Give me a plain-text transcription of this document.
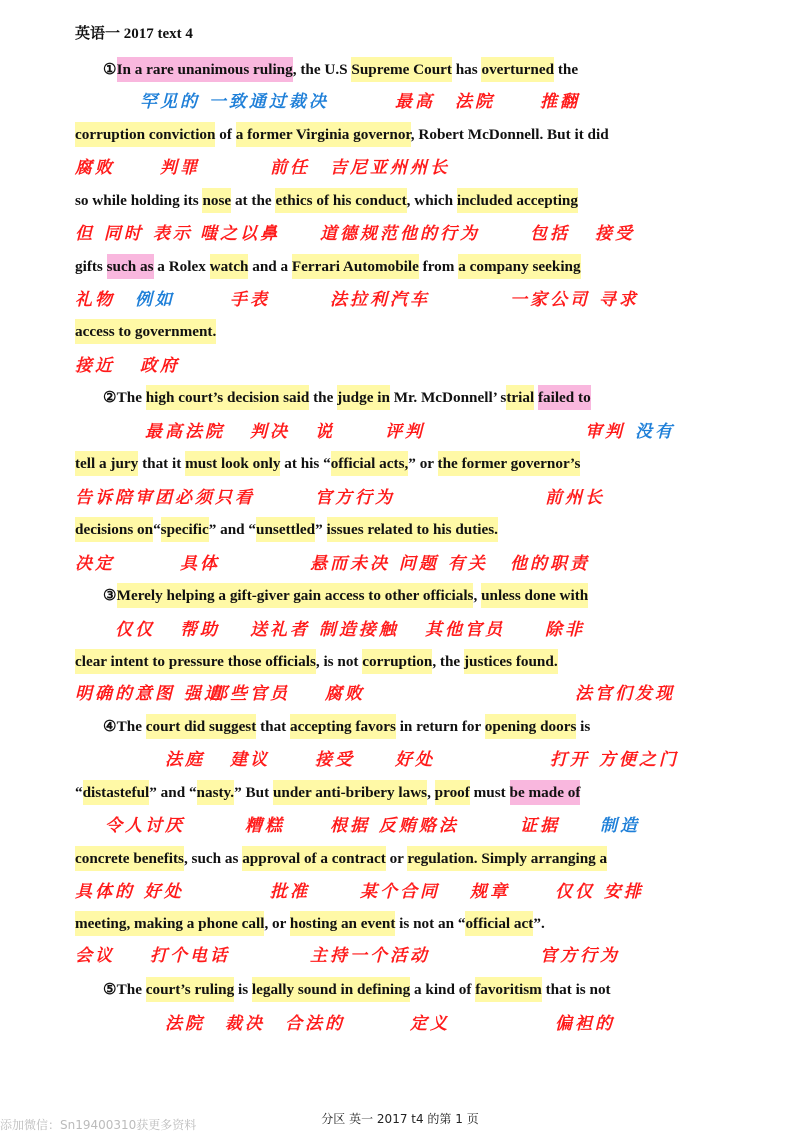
英语一 2017 text 4
①In a rare unanimous ruling, the U.S Supreme Court has overturned the
corruption conviction of a former Virginia governor, Robert McDonnell. But it did
so while holding its nose at the ethics of his conduct, which included accepting
gifts such as a Rolex watch and a Ferrari Automobile from a company seeking
access to government.
②The high court’s decision said the judge in Mr. McDonnell’ strial failed to
tell a jury that it must look only at his “official acts,” or the former governor’s
decisions on“specific” and “unsettled” issues related to his duties.
③Merely helping a gift-giver gain access to other officials, unless done with
clear intent to pressure those officials, is not corruption, the justices found.
④The court did suggest that accepting favors in return for opening doors is
“distasteful” and “nasty.” But under anti-bribery laws, proof must be made of
concrete benefits, such as approval of a contract or regulation. Simply arranging a
meeting, making a phone call, or hosting an event is not an “official act”.
⑤The court’s ruling is legally sound in defining a kind of favoritism that is not
罕见的 一致通过裁决	最高 法院	推翻
腐败	判罪	前任 吉尼亚州州长
但 同时 表示 嗤之以鼻 道德规范他的行为	包括 接受
礼物 例如	手表	法拉利汽车	一家公司 寻求
接近 政府
最高法院 判决 说	评判	审判 没有
告诉陪审团 必须只看	官方行为	前州长
决定	具体	悬而未决 问题 有关 他的职责
仅仅 帮助 送礼者 制造接触 其他官员 除非
明确的意图 强迫
那些官员 腐败	法官们发现
法庭 建议	接受 好处	打开 方便之门
令人讨厌	糟糕	根据 反贿赂法	证据 制造
具体的 好处	批准	某个合同 规章	仅仅 安排
会议 打个电话	主持一个活动	官方行为
法院 裁决 合法的	定义	偏袒的
分区 英一 2017 t4 的第 1 页
添加微信：Sn19400310获更多资料
